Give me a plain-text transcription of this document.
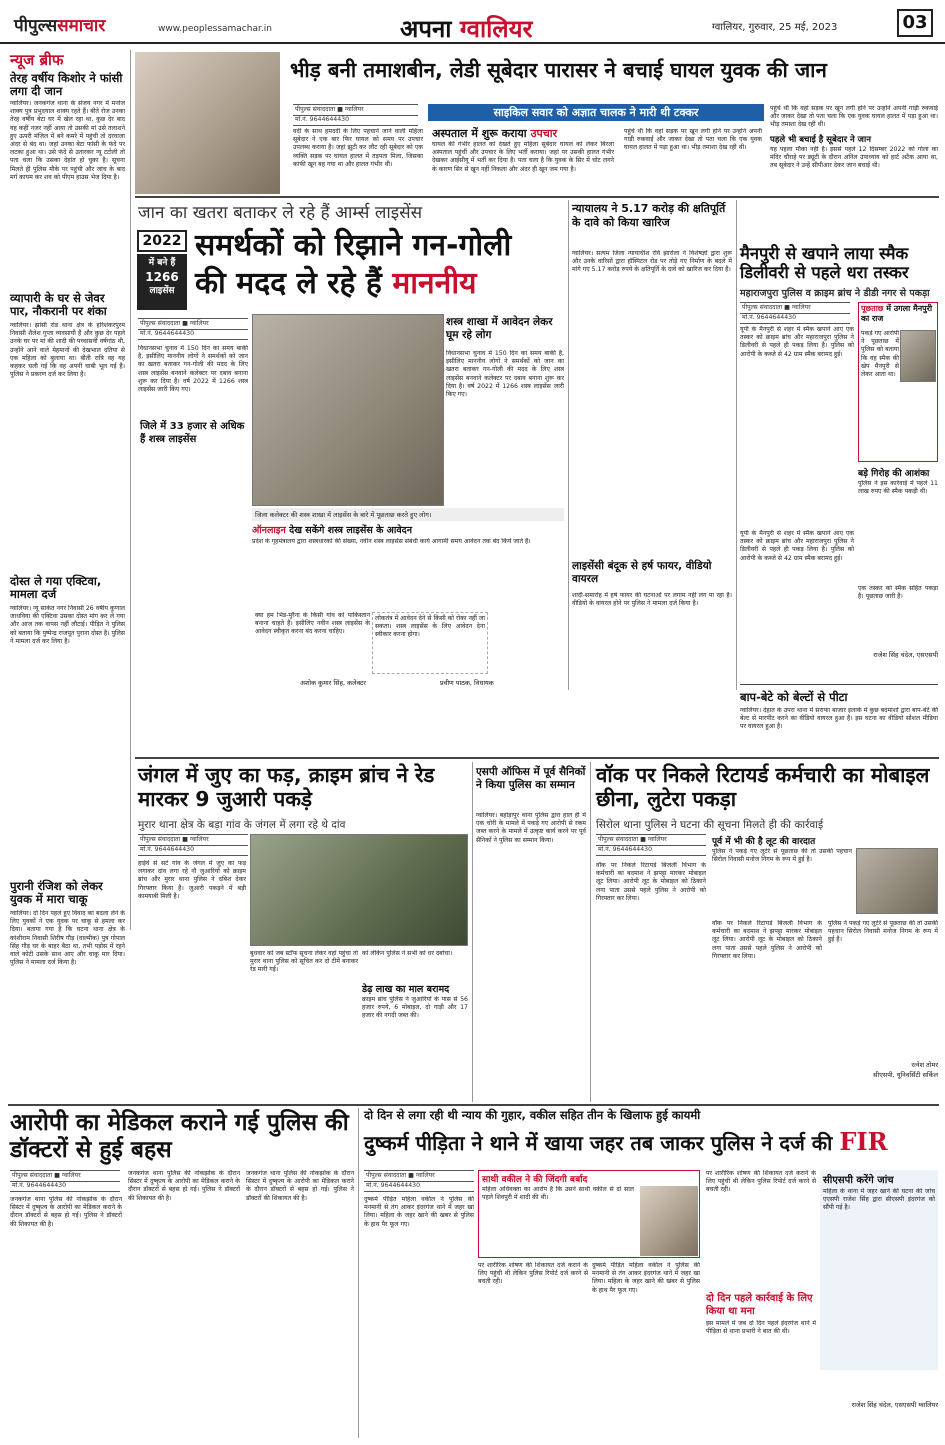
पीपुल्ससमाचार	www.peoplessamachar.in	अपना ग्वालियर	ग्वालियर, गुरुवार, 25 मई, 2023	03
न्यूज ब्रीफ
तेरह वर्षीय किशोर ने फांसी लगा दी जान
ग्वालियर। जनकगंज थाना के संजय नगर में मनोज शाक्य पुत्र प्रभुदयाल शाक्य रहते हैं। बीते रोज उनका तेरह वर्षीय बेटा घर में खेल रहा था, कुछ देर बाद वह कहीं नजर नहीं आया तो उसकी मां उसे तलाशने हुए ऊपरी मंजिल में बने कमरे में पहुंची तो दरवाजा अंदर से बंद था। जहां उनका बेटा फांसी के फंदे पर लटका हुआ था। उसे फंदे से उतारकर न्यू टटोली तो पता चला कि उसका देहांत हो चुका है। सूचना मिलते ही पुलिस मौके पर पहुंची और जांच के बाद मर्ग कायम कर शव को पीएम हाउस भेज दिया है।
व्यापारी के घर से जेवर पार, नौकरानी पर शंका
ग्वालियर। झांसी रोड थाना क्षेत्र के हरिशंकरपुरम निवासी शैलेश गुप्ता व्यवसायी हैं और कुछ देर पहले उनके घर पर मां की शादी की पच्चासवीं वर्षगांठ थी, उन्होंने आने वाले मेहमानों की देखभाल दतिया से एक महिला को बुलाया था। बीती रात्रि वह यह कहकर चली गई कि वह अपनी चाबी भूल गई है। पुलिस ने प्रकरण दर्ज कर लिया है।
दोस्त ले गया एक्टिवा, मामला दर्ज
ग्वालियर। न्यू साकेत नगर निवासी 26 वर्षीय कुणाल जाधविया की एक्टिवा उसका दोस्त मांग कर ले गया और आज तक वापस नहीं लौटाई। पीड़ित ने पुलिस को बताया कि पुष्पेन्द्र राजपूत पुराना दोस्त है। पुलिस ने मामला दर्ज कर लिया है।
पुरानी रंजिश को लेकर युवक में मारा चाकू
ग्वालियर। दो दिन पहले हुए विवाद का बदला लेने के लिए युवकों ने एक युवक पर चाकू से हमला कर दिया। बताया गया है कि घटना थाना क्षेत्र के कांशीराम निवासी शिरीष गौड़ (वाल्मीक) पुत्र गोपाल सिंह गौड़ घर के बाहर बैठा था, तभी पड़ोस में रहने वाले कोटी उसके साथ आए और चाकू मार दिया। पुलिस ने मामला दर्ज किया है।
भीड़ बनी तमाशबीन, लेडी सूबेदार पारासर ने बचाई घायल युवक की जान
पीपुल्स संवाददाता ■ ग्वालियर
मो.नं. 9644644430
साइकिल सवार को अज्ञात चालक ने मारी थी टक्कर
अस्पताल में शुरू कराया उपचार
वर्दी के साथ हमदर्दी के लिए पहचाने जाने वाली महिला सूबेदार ने एक बार फिर घायल को समय पर उपचार उपलब्ध कराया है। जहां झुटी कर लौट रही सूबेदार को एक व्यक्ति सड़क पर घायल हालत में तड़पता मिला, जिसका काफी खून बह गया था और हालत गंभीर थी।
घायल की गंभीर हालत को देखते हुए महिला सूबेदार घायल को लेकर बिरला अस्पताल पहुंचीं और उपचार के लिए भर्ती कराया। जहां पर उसकी हालत गंभीर देखकर आईसीयू में भर्ती कर दिया है। पता चला है कि युवक के सिर में चोट लगने के कारण सिर से खून नहीं निकला और अंदर ही खून जम गया है।
पहुंचे थीं कि वहां सड़क पर खून लगी होने पर उन्होंने अपनी गाड़ी रुकवाई और जाकर देखा तो पता चला कि एक युवक घायल हालत में पड़ा हुआ था। भीड़ तमाशा देख रही थी।
पहुंचे थीं कि वहां सड़क पर खून लगी होने पर उन्होंने अपनी गाड़ी रुकवाई और जाकर देखा तो पता चला कि एक युवक घायल हालत में पड़ा हुआ था। भीड़ तमाशा देख रही थी।
पहले भी बचाई है सूबेदार ने जान
यह पहला मौका नहीं है। इससे पहले 12 दिसम्बर 2022 को गोला का मंदिर चौराहे पर ड्यूटी के दौरान अनिल उपाध्याय को हार्ट अटैक आया था, तब सूबेदार ने उन्हें सीपीआर देकर जान बचाई थी।
जान का खतरा बताकर ले रहे हैं आर्म्स लाइसेंस
2022
में बने हैं
1266
लाइसेंस
समर्थकों को रिझाने गन-गोली
की मदद ले रहे हैं माननीय
पीपुल्स संवाददाता ■ ग्वालियर
मो.नं. 9644644430
शस्त्र शाखा में आवेदन लेकर घूम रहे लोग
विधानसभा चुनाव में 150 दिन का समय बाकी है, इसीलिए माननीय लोगों ने समर्थकों को जान का खतरा बताकर गन-गोली की मदद के लिए शस्त्र लाइसेंस बनवाने कलेक्टर पर दबाव बनाना शुरू कर दिया है। वर्ष 2022 में 1266 शस्त्र लाइसेंस जारी किए गए।
जिले में 33 हजार से अधिक हैं शस्त्र लाइसेंस
विधानसभा चुनाव में 150 दिन का समय बाकी है, इसीलिए माननीय लोगों ने समर्थकों को जान का खतरा बताकर गन-गोली की मदद के लिए शस्त्र लाइसेंस बनवाने कलेक्टर पर दबाव बनाना शुरू कर दिया है। वर्ष 2022 में 1266 शस्त्र लाइसेंस जारी किए गए।
जिला कलेक्टर की शस्त्र शाखा में लाइसेंस के बारे में पूछताछ करते हुए लोग।
ऑनलाइन देख सकेंगे शस्त्र लाइसेंस के आवेदन
प्रदेश के गृहमंत्रालय द्वारा शस्त्रधारकों की संख्या, नवीन शस्त्र लाइसेंस संबंधी कार्य आगामी समय आवेदन तक बंद किये जाते हैं।
क्या हम भिंड-मुरैना के किसी गांव को पाकिस्तान बनाना चाहते हैं। इसीलिए नवीन शस्त्र लाइसेंस के आवेदन स्वीकृत करना बंद करना चाहिए।
अशोक कुमार सिंह, कलेक्टर
लोकतंत्र में आवेदन देने से किसी को रोका नहीं जा सकता। शस्त्र लाइसेंस के लिए आवेदन देना स्वीकार करना होगा।
प्रवीण पाठक, विधायक
न्यायालय ने 5.17 करोड़ की क्षतिपूर्ति के दावे को किया खारिज
ग्वालियर। सत्यम जिला न्यायाधीश रवि झारोला ने विशेषज्ञों द्वारा शुरू और उनके वारिसों द्वारा हॉस्पिटल रोड पर तोड़े गए निर्माण के बदले में मांगे गए 5.17 करोड़ रुपये के क्षतिपूर्ति के दावे को खारिज कर दिया है।
लाइसेंसी बंदूक से हर्ष फायर, वीडियो वायरल
शादी-समारोह में हर्ष फायर की घटनाओं पर लगाम नहीं लग पा रहा है। वीडियो के वायरल होने पर पुलिस ने मामला दर्ज किया है।
मैनपुरी से खपाने लाया स्मैक डिलीवरी से पहले धरा तस्कर
महाराजपुरा पुलिस व क्राइम ब्रांच ने डीडी नगर से पकड़ा
पीपुल्स संवाददाता ■ ग्वालियर
मो.नं. 9644644430
पूछताछ में उगला मैनपुरी का राज
पकड़े गए आरोपी ने पूछताछ में पुलिस को बताया कि वह स्मैक की खेप मैनपुरी से लेकर आता था।
यूपी के मैनपुरी से शहर में स्मैक खपाने आए एक तस्कर को क्राइम ब्रांच और महाराजपुरा पुलिस ने डिलीवरी से पहले ही पकड़ लिया है। पुलिस को आरोपी के कब्जे से 42 ग्राम स्मैक बरामद हुई।
बड़े गिरोह की आशंका
पुलिस ने इस कार्रवाई में पहले 11 लाख रुपए की स्मैक पकड़ी थी।
यूपी के मैनपुरी से शहर में स्मैक खपाने आए एक तस्कर को क्राइम ब्रांच और महाराजपुरा पुलिस ने डिलीवरी से पहले ही पकड़ लिया है। पुलिस को आरोपी के कब्जे से 42 ग्राम स्मैक बरामद हुई।
एक तस्कर को स्मैक सहित पकड़ा है। पूछताछ जारी है।
राजेश सिंह चंदेल, एसएसपी
बाप-बेटे को बेल्टों से पीटा
ग्वालियर। देहात के उपरा थाना में सराफा बाजार इलाके में कुछ बदमाशों द्वारा बाप-बेटे की बेल्ट से मारपीट करने का वीडियो वायरल हुआ है। इस घटना का वीडियो सोशल मीडिया पर वायरल हुआ है।
जंगल में जुए का फड़, क्राइम ब्रांच ने रेड मारकर 9 जुआरी पकड़े
मुरार थाना क्षेत्र के बड़ा गांव के जंगल में लगा रहे थे दांव
पीपुल्स संवाददाता ■ ग्वालियर
मो.नं. 9644644430
हाईवे से सटे गांव के जंगल में जुए का फड़ लगाकर दांव लगा रहे नौ जुआरियों को क्राइम ब्रांच और मुरार थाना पुलिस ने दबिश देकर गिरफ्तार किया है। जुआरी पकड़ने में बड़ी कामयाबी मिली है।
बुधवार को जब स्टॉफ सूचना लेकर वहां पहुंचा तो मुरार थाना पुलिस को सूचित कर दो टीमें बनाकर रेड मारी गई।
को लेकिन पुलिस ने सभी को धर दबोचा।
डेढ़ लाख का माल बरामद
क्राइम ब्रांच पुलिस ने जुआरियों के पास से 56 हजार रुपये, 6 मोबाइल, दो गाड़ी और 17 हजार की नगदी जब्त की।
एसपी ऑफिस में पूर्व सैनिकों ने किया पुलिस का सम्मान
ग्वालियर। बहोड़ापुर थाना पुलिस द्वारा हाल ही में एक चोरी के मामले में पकड़े गए आरोपी से रकम जब्त करने के मामले में उत्कृष्ट कार्य करने पर पूर्व सैनिकों ने पुलिस का सम्मान किया।
वॉक पर निकले रिटायर्ड कर्मचारी का मोबाइल छीना, लुटेरा पकड़ा
सिरोल थाना पुलिस ने घटना की सूचना मिलते ही की कार्रवाई
पीपुल्स संवाददाता ■ ग्वालियर
मो.नं. 9644644430
पूर्व में भी की है लूट की वारदात
पुलिस ने पकड़े गए लुटेरे से पूछताछ की तो उसकी पहचान सिरोल निवासी मनोज निगम के रूप में हुई है।
वॉक पर निकले रिटायर्ड बिजली विभाग के कर्मचारी का बदमाश ने झपट्टा मारकर मोबाइल लूट लिया। आरोपी लूट के मोबाइल को ठिकाने लगा पाता उससे पहले पुलिस ने आरोपी को गिरफ्तार कर लिया।
वॉक पर निकले रिटायर्ड बिजली विभाग के कर्मचारी का बदमाश ने झपट्टा मारकर मोबाइल लूट लिया। आरोपी लूट के मोबाइल को ठिकाने लगा पाता उससे पहले पुलिस ने आरोपी को गिरफ्तार कर लिया।
पुलिस ने पकड़े गए लुटेरे से पूछताछ की तो उसकी पहचान सिरोल निवासी मनोज निगम के रूप में हुई है।
रत्नेश तोमर
सीएसपी, यूनिवर्सिटी सर्किल
आरोपी का मेडिकल कराने गई पुलिस की डॉक्टरों से हुई बहस
पीपुल्स संवाददाता ■ ग्वालियर
मो.नं. 9644644430
जनकगंज थाना पुलिस की नोकझोंक के दौरान सिस्टर में दुष्कृत्य के आरोपी का मेडिकल कराने के दौरान डॉक्टरों से बहस हो गई। पुलिस ने डॉक्टरों की शिकायत की है।
जनकगंज थाना पुलिस की नोकझोंक के दौरान सिस्टर में दुष्कृत्य के आरोपी का मेडिकल कराने के दौरान डॉक्टरों से बहस हो गई। पुलिस ने डॉक्टरों की शिकायत की है।
जनकगंज थाना पुलिस की नोकझोंक के दौरान सिस्टर में दुष्कृत्य के आरोपी का मेडिकल कराने के दौरान डॉक्टरों से बहस हो गई। पुलिस ने डॉक्टरों की शिकायत की है।
दो दिन से लगा रही थी न्याय की गुहार, वकील सहित तीन के खिलाफ हुई कायमी
दुष्कर्म पीड़िता ने थाने में खाया जहर तब जाकर पुलिस ने दर्ज की FIR
पीपुल्स संवाददाता ■ ग्वालियर
मो.नं. 9644644430
दुष्कर्म पीड़ित महिला वकील ने पुलिस की मनमानी से तंग आकर इंदरगंज थाने में जहर खा लिया। महिला के जहर खाने की खबर से पुलिस के हाथ पैर फूल गए।
साथी वकील ने की जिंदगी बर्बाद
महिला अधिवक्ता का आरोप है कि उसने साथी वकील से दो साल पहले शिवपुरी में शादी की थी।
पर शारीरिक शोषण की शिकायत दर्ज कराने के लिए पहुंची थी लेकिन पुलिस रिपोर्ट दर्ज करने से बचती रही।
दुष्कर्म पीड़ित महिला वकील ने पुलिस की मनमानी से तंग आकर इंदरगंज थाने में जहर खा लिया। महिला के जहर खाने की खबर से पुलिस के हाथ पैर फूल गए।
पर शारीरिक शोषण की शिकायत दर्ज कराने के लिए पहुंची थी लेकिन पुलिस रिपोर्ट दर्ज करने से बचती रही।
दो दिन पहले कार्रवाई के लिए किया था मना
इस मामले में जब दो दिन पहले इंदरगंज थाने में पीड़िता से थाना प्रभारी ने बात की थी।
सीएसपी करेंगे जांच
महिला के थाना में जहर खाने की घटना की जांच एएसपी राजेश सिंह द्वारा सीएसपी इंदरगंज को सौंपी गई है।
राजेश सिंह चंदेल, एसएसपी ग्वालियर
